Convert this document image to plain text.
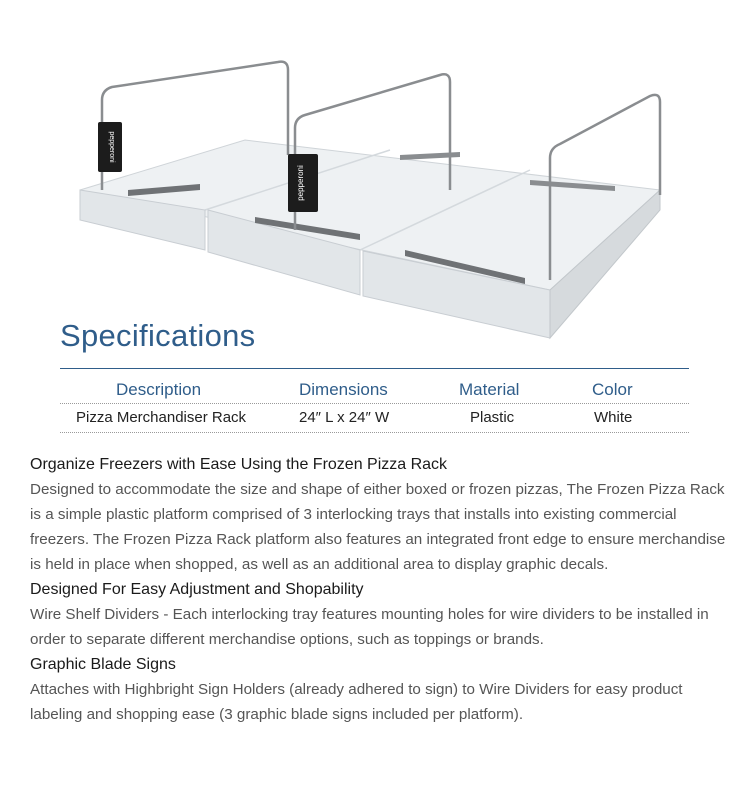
pepperoni
pepperoni
Specifications
Description	Dimensions	Material	Color
Pizza Merchandiser Rack	24″ L x 24″ W	Plastic	White
Organize Freezers with Ease Using the Frozen Pizza Rack

Designed to accommodate the size and shape of either boxed or frozen pizzas, The Frozen Pizza Rack is a simple plastic platform comprised of 3 interlocking trays that installs into existing commercial freezers. The Frozen Pizza Rack platform also features an integrated front edge to ensure merchandise is held in place when shopped, as well as an additional area to display graphic decals.

Designed For Easy Adjustment and Shopability

Wire Shelf Dividers - Each interlocking tray features mounting holes for wire dividers to be installed in order to separate different merchandise options, such as toppings or brands.

Graphic Blade Signs

Attaches with Highbright Sign Holders (already adhered to sign) to Wire Dividers for easy product labeling and shopping ease (3 graphic blade signs included per platform).
